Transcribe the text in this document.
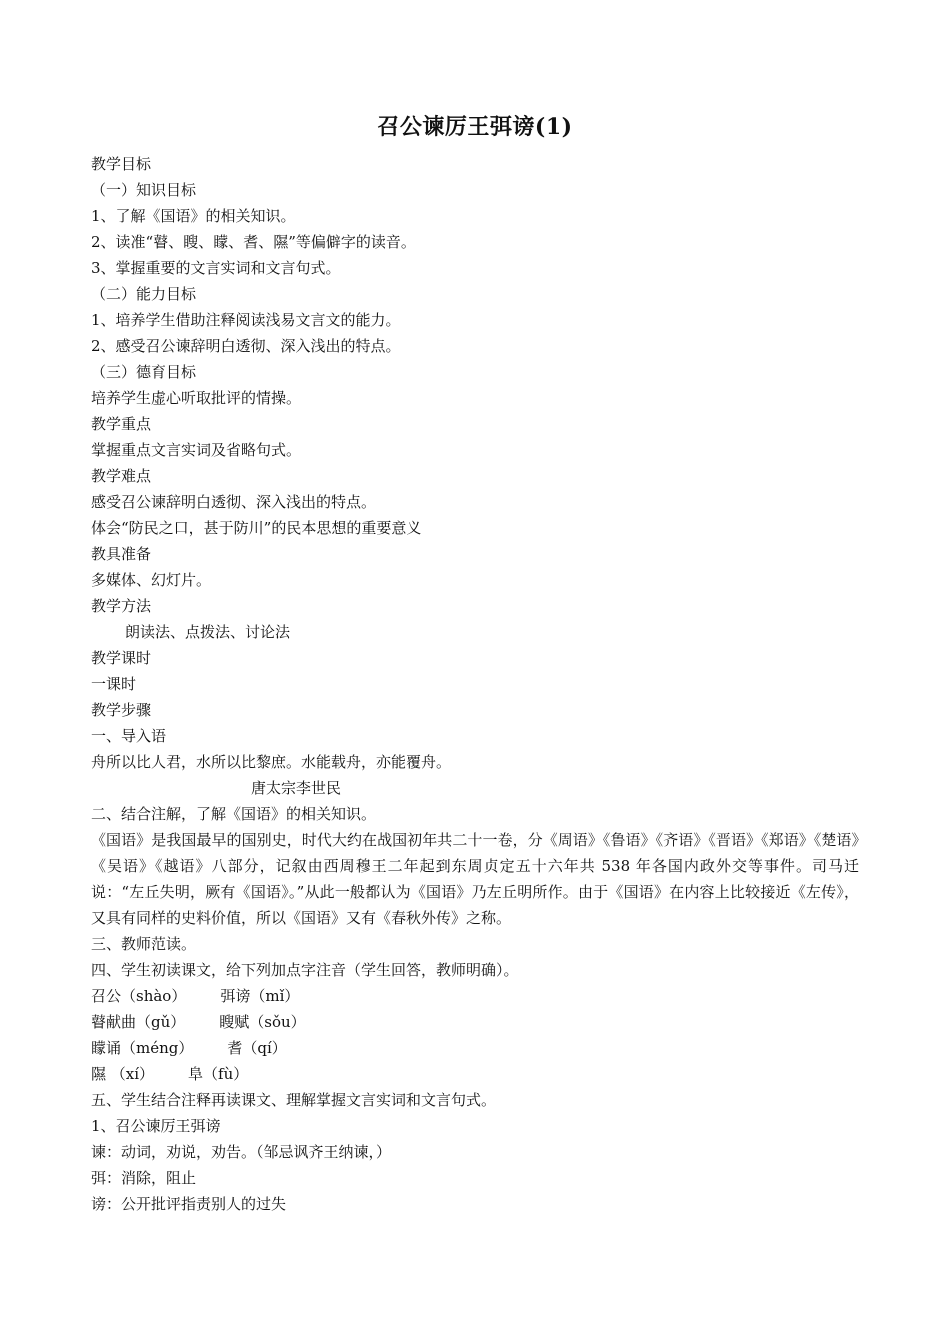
召公谏厉王弭谤(1)
教学目标
（一）知识目标
1、了解《国语》的相关知识。
2、读准“瞽、瞍、矇、耆、隰”等偏僻字的读音。
3、掌握重要的文言实词和文言句式。
（二）能力目标
1、培养学生借助注释阅读浅易文言文的能力。
2、感受召公谏辞明白透彻、深入浅出的特点。
（三）德育目标
培养学生虚心听取批评的情操。
教学重点
掌握重点文言实词及省略句式。
教学难点
感受召公谏辞明白透彻、深入浅出的特点。
体会“防民之口，甚于防川”的民本思想的重要意义
教具准备
多媒体、幻灯片。
教学方法
朗读法、点拨法、讨论法
教学课时
一课时
教学步骤
一、导入语
舟所以比人君，水所以比黎庶。水能载舟，亦能覆舟。
唐太宗李世民
二、结合注解，了解《国语》的相关知识。
《国语》是我国最早的国别史，时代大约在战国初年共二十一卷，分《周语》《鲁语》《齐语》《晋语》《郑语》《楚语》《吴语》《越语》八部分，记叙由西周穆王二年起到东周贞定五十六年共 538 年各国内政外交等事件。司马迁说：“左丘失明，厥有《国语》。”从此一般都认为《国语》乃左丘明所作。由于《国语》在内容上比较接近《左传》，又具有同样的史料价值，所以《国语》又有《春秋外传》之称。
三、教师范读。
四、学生初读课文，给下列加点字注音（学生回答，教师明确）。
召公（shào） 弭谤（mǐ）
瞽献曲（gǔ） 瞍赋（sǒu）
矇诵（méng） 耆（qí）
隰 （xí） 阜（fù）
五、学生结合注释再读课文、理解掌握文言实词和文言句式。
1、召公谏厉王弭谤
谏：动词，劝说，劝告。（邹忌讽齐王纳谏，）
弭：消除，阻止
谤：公开批评指责别人的过失
